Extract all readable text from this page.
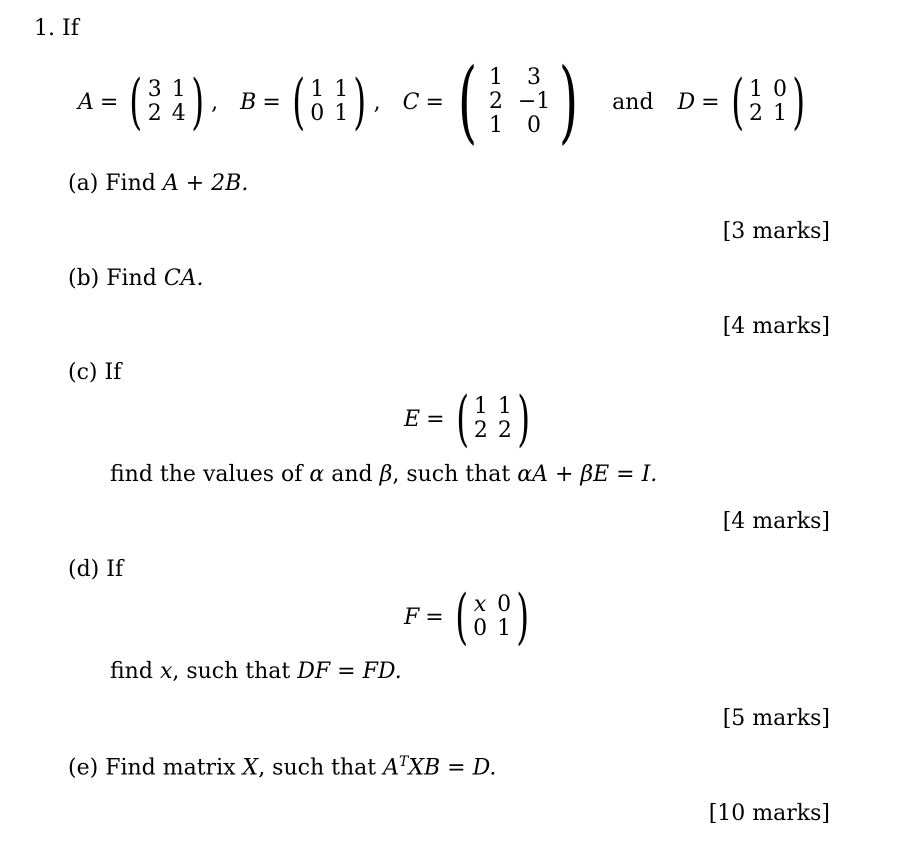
1. If
A = ( 3 1
2 4 ) , B = ( 1 1
0 1 ) , C = ( 1	3
2 −1
1	0 ) and D = ( 1 0
2 1 )
(a) Find A + 2B.
[3 marks]
(b) Find CA.
[4 marks]
(c) If
E = ( 1 1
2 2 )
find the values of α and β, such that αA + βE = I.
[4 marks]
(d) If
F = ( x 0
0 1 )
find x, such that DF = FD.
[5 marks]
(e) Find matrix X, such that $A^TXB = D$.
[10 marks]
